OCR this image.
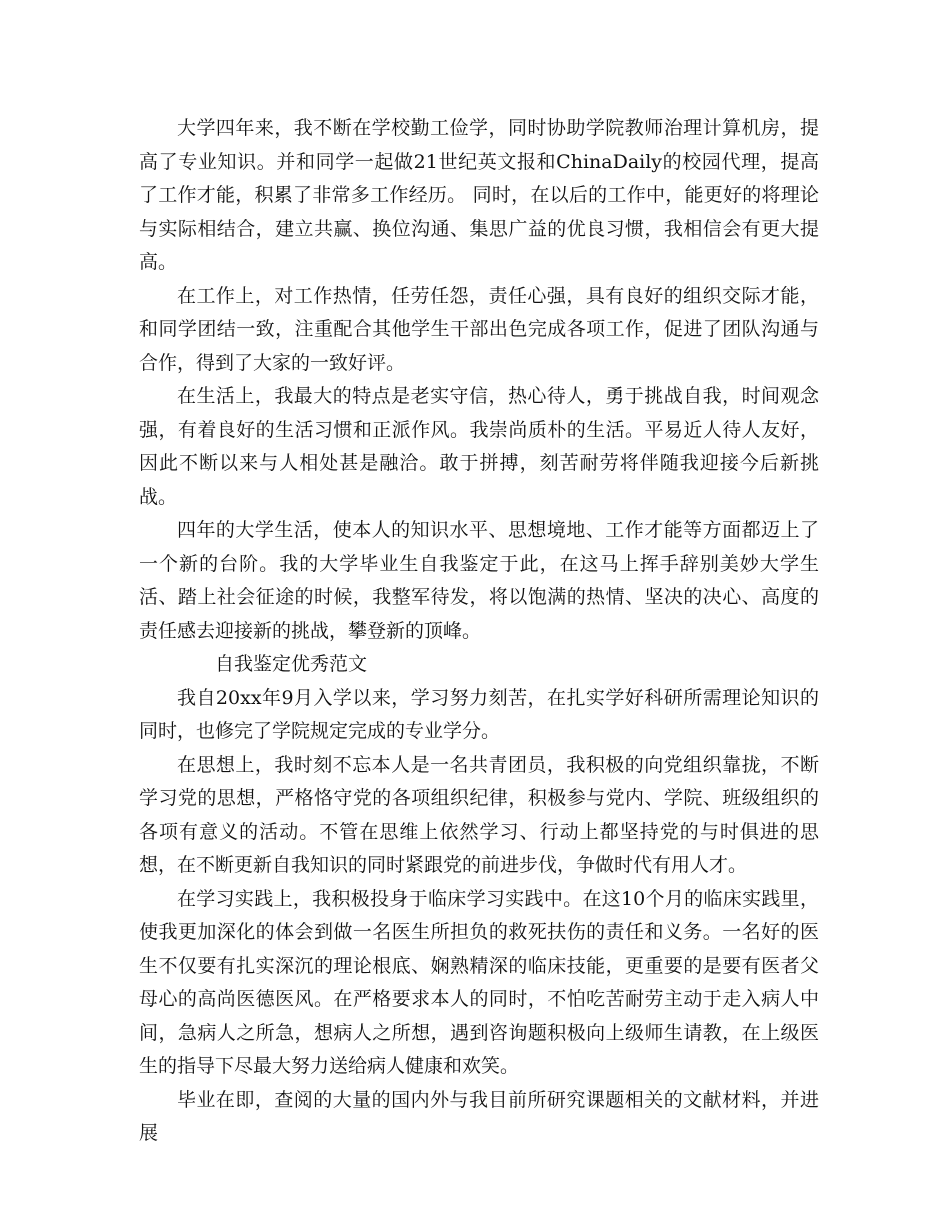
大学四年来，我不断在学校勤工俭学，同时协助学院教师治理计算机房，提高了专业知识。并和同学一起做21世纪英文报和ChinaDaily的校园代理，提高了工作才能，积累了非常多工作经历。 同时，在以后的工作中，能更好的将理论与实际相结合，建立共赢、换位沟通、集思广益的优良习惯，我相信会有更大提高。

在工作上，对工作热情，任劳任怨，责任心强，具有良好的组织交际才能，和同学团结一致，注重配合其他学生干部出色完成各项工作，促进了团队沟通与合作，得到了大家的一致好评。

在生活上，我最大的特点是老实守信，热心待人，勇于挑战自我，时间观念强，有着良好的生活习惯和正派作风。我崇尚质朴的生活。平易近人待人友好，因此不断以来与人相处甚是融洽。敢于拼搏，刻苦耐劳将伴随我迎接今后新挑战。

四年的大学生活，使本人的知识水平、思想境地、工作才能等方面都迈上了一个新的台阶。我的大学毕业生自我鉴定于此，在这马上挥手辞别美妙大学生活、踏上社会征途的时候，我整军待发，将以饱满的热情、坚决的决心、高度的责任感去迎接新的挑战，攀登新的顶峰。

自我鉴定优秀范文

我自20xx年9月入学以来，学习努力刻苦，在扎实学好科研所需理论知识的同时，也修完了学院规定完成的专业学分。

在思想上，我时刻不忘本人是一名共青团员，我积极的向党组织靠拢，不断学习党的思想，严格恪守党的各项组织纪律，积极参与党内、学院、班级组织的各项有意义的活动。不管在思维上依然学习、行动上都坚持党的与时俱进的思想，在不断更新自我知识的同时紧跟党的前进步伐，争做时代有用人才。

在学习实践上，我积极投身于临床学习实践中。在这10个月的临床实践里，使我更加深化的体会到做一名医生所担负的救死扶伤的责任和义务。一名好的医生不仅要有扎实深沉的理论根底、娴熟精深的临床技能，更重要的是要有医者父母心的高尚医德医风。在严格要求本人的同时，不怕吃苦耐劳主动于走入病人中间，急病人之所急，想病人之所想，遇到咨询题积极向上级师生请教，在上级医生的指导下尽最大努力送给病人健康和欢笑。

毕业在即，查阅的大量的国内外与我目前所研究课题相关的文献材料，并进展
